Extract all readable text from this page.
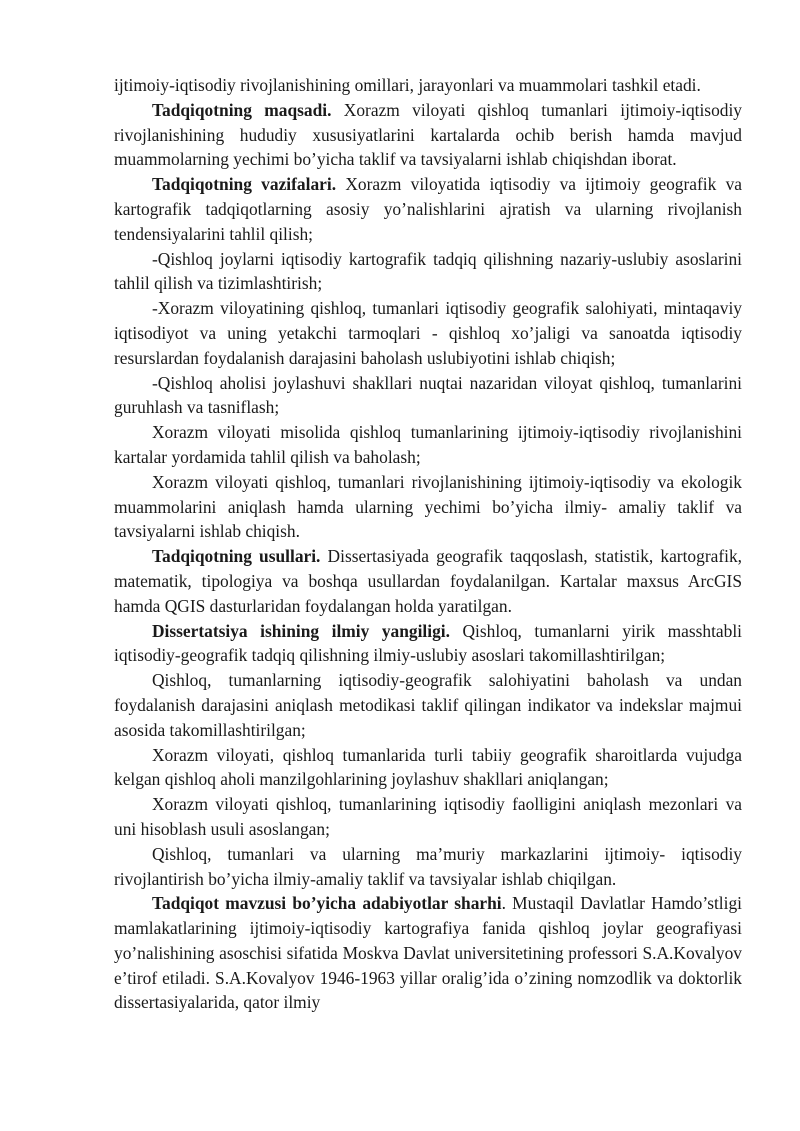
ijtimoiy-iqtisodiy rivojlanishining omillari, jarayonlari va muammolari tashkil etadi.

Tadqiqotning maqsadi. Xorazm viloyati qishloq tumanlari ijtimoiy-iqtisodiy rivojlanishining hududiy xususiyatlarini kartalarda ochib berish hamda mavjud muammolarning yechimi bo’yicha taklif va tavsiyalarni ishlab chiqishdan iborat.

Tadqiqotning vazifalari. Xorazm viloyatida iqtisodiy va ijtimoiy geografik va kartografik tadqiqotlarning asosiy yo’nalishlarini ajratish va ularning rivojlanish tendensiyalarini tahlil qilish;

-Qishloq joylarni iqtisodiy kartografik tadqiq qilishning nazariy-uslubiy asoslarini tahlil qilish va tizimlashtirish;

-Xorazm viloyatining qishloq, tumanlari iqtisodiy geografik salohiyati, mintaqaviy iqtisodiyot va uning yetakchi tarmoqlari - qishloq xo’jaligi va sanoatda iqtisodiy resurslardan foydalanish darajasini baholash uslubiyotini ishlab chiqish;

-Qishloq aholisi joylashuvi shakllari nuqtai nazaridan viloyat qishloq, tumanlarini guruhlash va tasniflash;

Xorazm viloyati misolida qishloq tumanlarining ijtimoiy-iqtisodiy rivojlanishini kartalar yordamida tahlil qilish va baholash;

Xorazm viloyati qishloq, tumanlari rivojlanishining ijtimoiy-iqtisodiy va ekologik muammolarini aniqlash hamda ularning yechimi bo’yicha ilmiy- amaliy taklif va tavsiyalarni ishlab chiqish.

Tadqiqotning usullari. Dissertasiyada geografik taqqoslash, statistik, kartografik, matematik, tipologiya va boshqa usullardan foydalanilgan. Kartalar maxsus ArcGIS hamda QGIS dasturlaridan foydalangan holda yaratilgan.

Dissertatsiya ishining ilmiy yangiligi. Qishloq, tumanlarni yirik masshtabli iqtisodiy-geografik tadqiq qilishning ilmiy-uslubiy asoslari takomillashtirilgan;

Qishloq, tumanlarning iqtisodiy-geografik salohiyatini baholash va undan foydalanish darajasini aniqlash metodikasi taklif qilingan indikator va indekslar majmui asosida takomillashtirilgan;

Xorazm viloyati, qishloq tumanlarida turli tabiiy geografik sharoitlarda vujudga kelgan qishloq aholi manzilgohlarining joylashuv shakllari aniqlangan;

Xorazm viloyati qishloq, tumanlarining iqtisodiy faolligini aniqlash mezonlari va uni hisoblash usuli asoslangan;

Qishloq, tumanlari va ularning ma’muriy markazlarini ijtimoiy- iqtisodiy rivojlantirish bo’yicha ilmiy-amaliy taklif va tavsiyalar ishlab chiqilgan.

Tadqiqot mavzusi bo’yicha adabiyotlar sharhi. Mustaqil Davlatlar Hamdo’stligi mamlakatlarining ijtimoiy-iqtisodiy kartografiya fanida qishloq joylar geografiyasi yo’nalishining asoschisi sifatida Moskva Davlat universitetining professori S.A.Kovalyov e’tirof etiladi. S.A.Kovalyov 1946-1963 yillar oralig’ida o’zining nomzodlik va doktorlik dissertasiyalarida, qator ilmiy
